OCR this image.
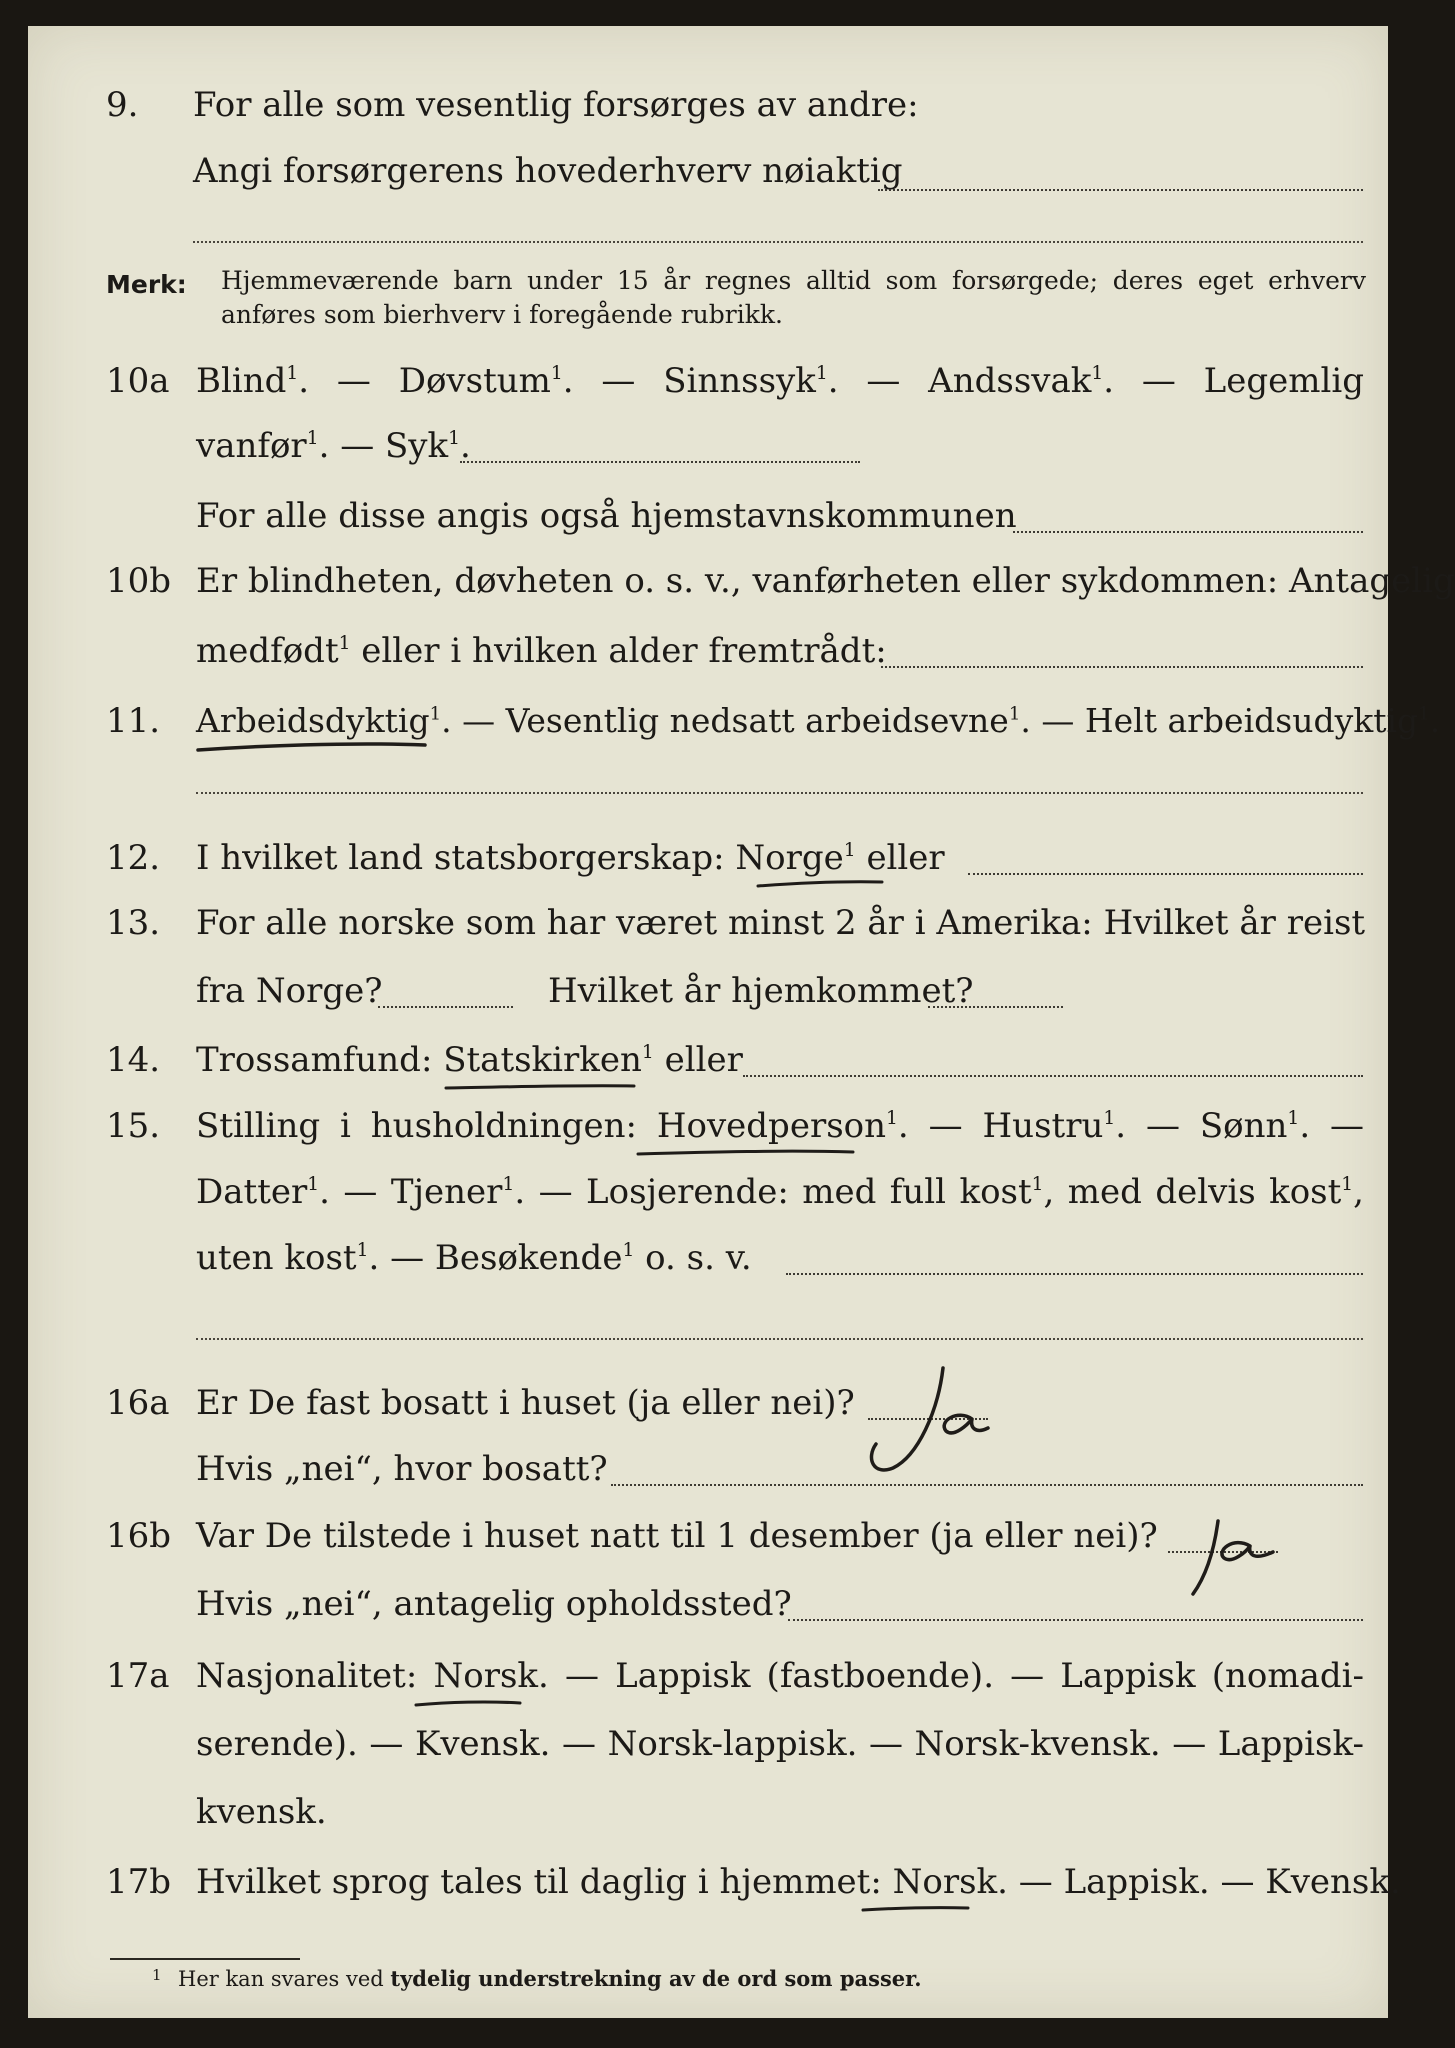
9. For alle som vesentlig forsørges av andre:
Angi forsørgerens hovederhverv nøiaktig
Merk: Hjemmeværende barn under 15 år regnes alltid som forsørgede; deres eget erhverv
anføres som bierhverv i foregående rubrikk.
10a Blind$^1$. — Døvstum$^1$. — Sinnssyk$^1$. — Andssvak$^1$. — Legemlig
vanfør$^1$. — Syk$^1$.
For alle disse angis også hjemstavnskommunen
10b Er blindheten, døvheten o. s. v., vanførheten eller sykdommen: Antagelig
medfødt$^1$ eller i hvilken alder fremtrådt:
11. Arbeidsdyktig$^1$. — Vesentlig nedsatt arbeidsevne$^1$. — Helt arbeidsudyktig$^1$.
12. I hvilket land statsborgerskap: Norge$^1$ eller
13. For alle norske som har været minst 2 år i Amerika: Hvilket år reist
fra Norge?	Hvilket år hjemkommet?
14. Trossamfund: Statskirken$^1$ eller
15. Stilling i husholdningen: Hovedperson$^1$. — Hustru$^1$. — Sønn$^1$. —
Datter$^1$. — Tjener$^1$. — Losjerende: med full kost$^1$, med delvis kost$^1$,
uten kost$^1$. — Besøkende$^1$ o. s. v.
16a Er De fast bosatt i huset (ja eller nei)?
Hvis „nei“, hvor bosatt?
16b Var De tilstede i huset natt til 1 desember (ja eller nei)?
Hvis „nei“, antagelig opholdssted?
17a Nasjonalitet: Norsk. — Lappisk (fastboende). — Lappisk (nomadi-
serende). — Kvensk. — Norsk-lappisk. — Norsk-kvensk. — Lappisk-
kvensk.
17b Hvilket sprog tales til daglig i hjemmet: Norsk. — Lappisk. — Kvensk.
1 Her kan svares ved tydelig understrekning av de ord som passer.
